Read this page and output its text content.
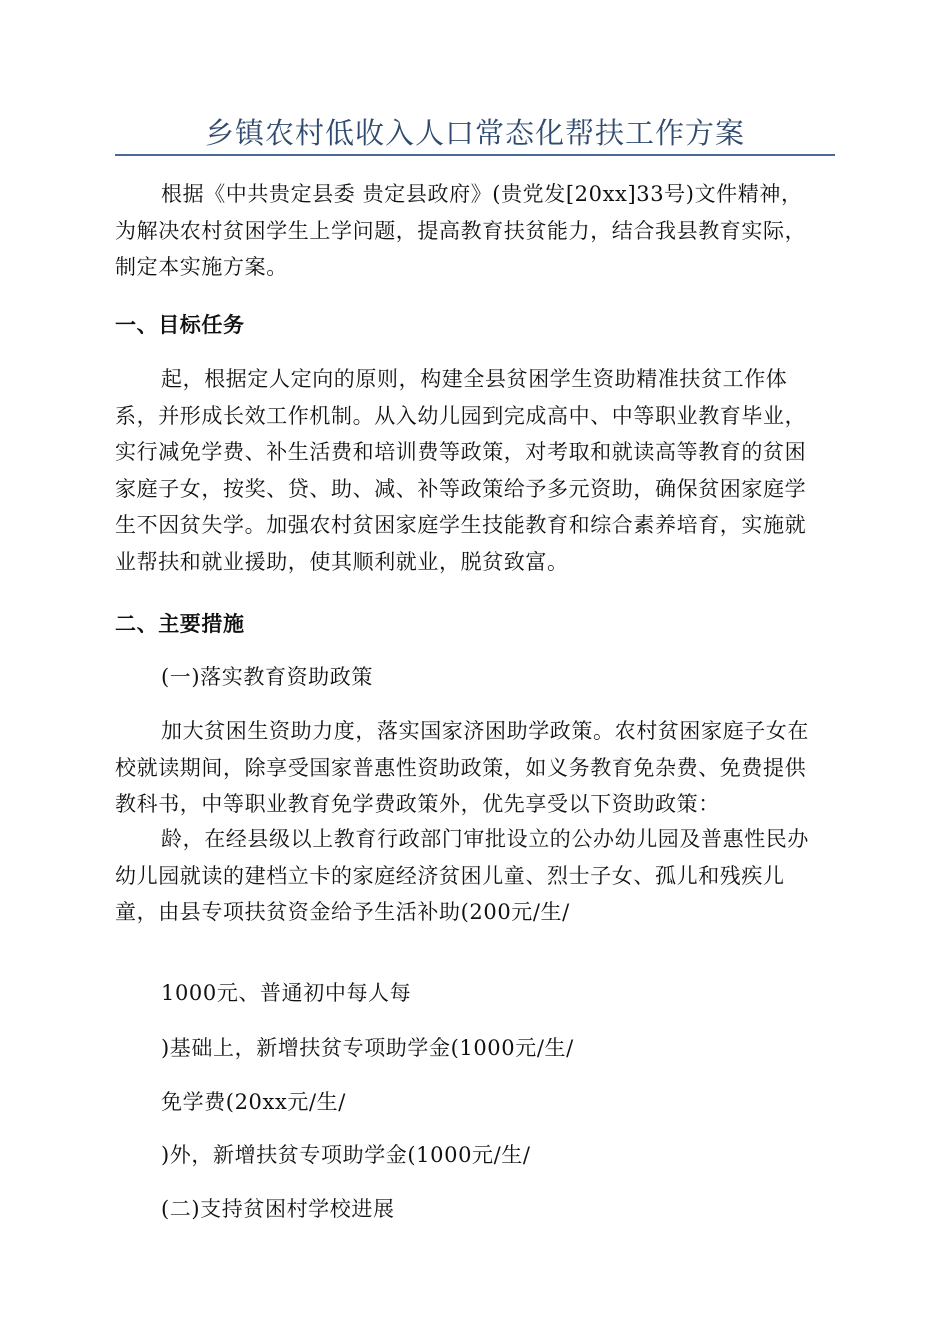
乡镇农村低收入人口常态化帮扶工作方案

根据《中共贵定县委 贵定县政府》(贵党发[20xx]33号)文件精神，
为解决农村贫困学生上学问题，提高教育扶贫能力，结合我县教育实际，
制定本实施方案。

一、目标任务

起，根据定人定向的原则，构建全县贫困学生资助精准扶贫工作体
系，并形成长效工作机制。从入幼儿园到完成高中、中等职业教育毕业，
实行减免学费、补生活费和培训费等政策，对考取和就读高等教育的贫困
家庭子女，按奖、贷、助、减、补等政策给予多元资助，确保贫困家庭学
生不因贫失学。加强农村贫困家庭学生技能教育和综合素养培育，实施就
业帮扶和就业援助，使其顺利就业，脱贫致富。

二、主要措施
(一)落实教育资助政策

加大贫困生资助力度，落实国家济困助学政策。农村贫困家庭子女在
校就读期间，除享受国家普惠性资助政策，如义务教育免杂费、免费提供
教科书，中等职业教育免学费政策外，优先享受以下资助政策：

龄，在经县级以上教育行政部门审批设立的公办幼儿园及普惠性民办
幼儿园就读的建档立卡的家庭经济贫困儿童、烈士子女、孤儿和残疾儿
童，由县专项扶贫资金给予生活补助(200元/生/

1000元、普通初中每人每
)基础上，新增扶贫专项助学金(1000元/生/
免学费(20xx元/生/
)外，新增扶贫专项助学金(1000元/生/
(二)支持贫困村学校进展
